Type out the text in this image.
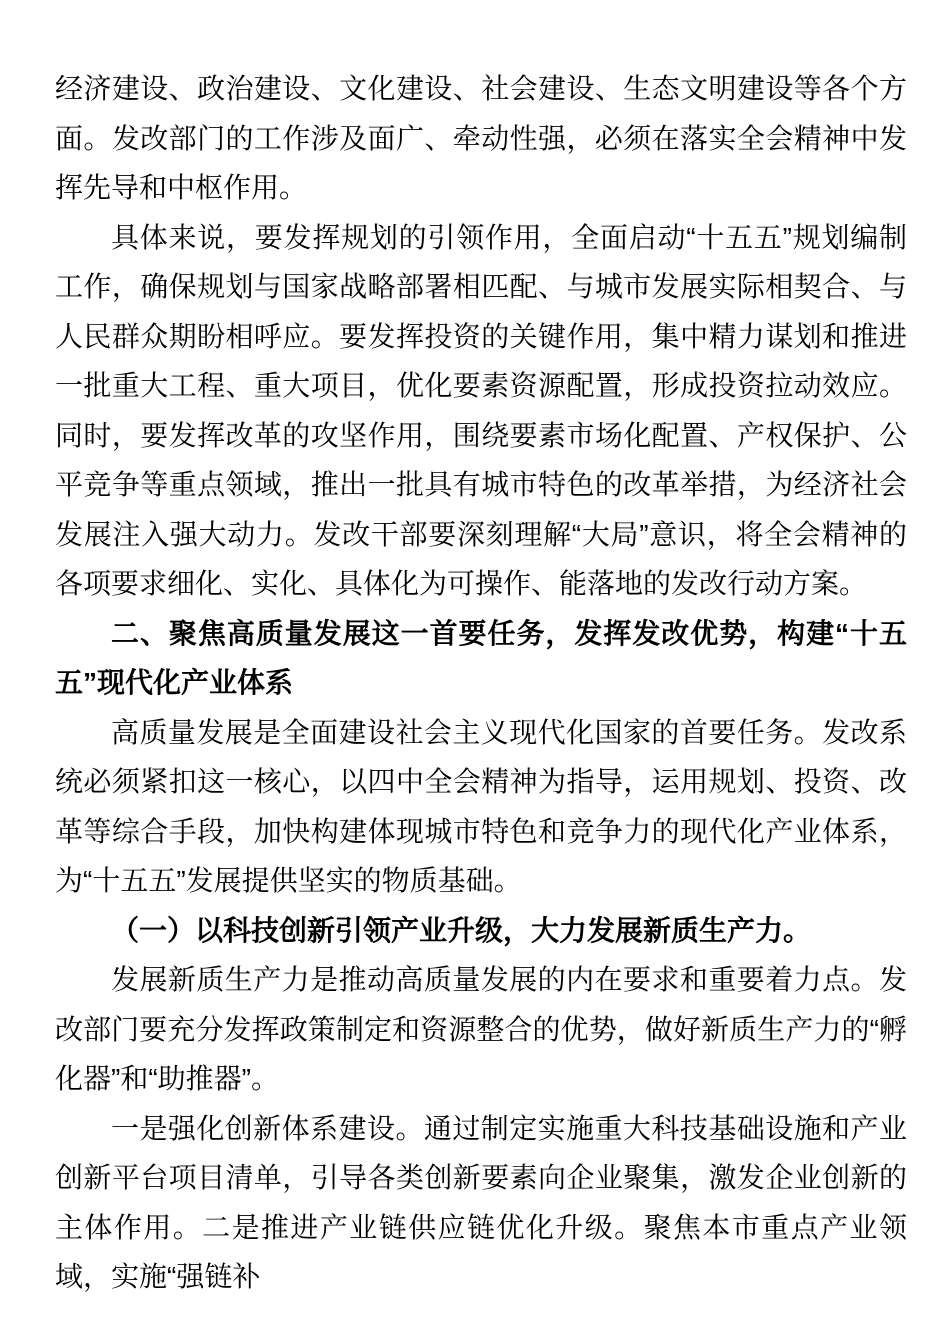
经济建设、政治建设、文化建设、社会建设、生态文明建设等各个方面。发改部门的工作涉及面广、牵动性强，必须在落实全会精神中发挥先导和中枢作用。

具体来说，要发挥规划的引领作用，全面启动“十五五”规划编制工作，确保规划与国家战略部署相匹配、与城市发展实际相契合、与人民群众期盼相呼应。要发挥投资的关键作用，集中精力谋划和推进一批重大工程、重大项目，优化要素资源配置，形成投资拉动效应。同时，要发挥改革的攻坚作用，围绕要素市场化配置、产权保护、公平竞争等重点领域，推出一批具有城市特色的改革举措，为经济社会发展注入强大动力。发改干部要深刻理解“大局”意识，将全会精神的各项要求细化、实化、具体化为可操作、能落地的发改行动方案。

二、聚焦高质量发展这一首要任务，发挥发改优势，构建“十五五”现代化产业体系

高质量发展是全面建设社会主义现代化国家的首要任务。发改系统必须紧扣这一核心，以四中全会精神为指导，运用规划、投资、改革等综合手段，加快构建体现城市特色和竞争力的现代化产业体系，为“十五五”发展提供坚实的物质基础。

（一）以科技创新引领产业升级，大力发展新质生产力。

发展新质生产力是推动高质量发展的内在要求和重要着力点。发改部门要充分发挥政策制定和资源整合的优势，做好新质生产力的“孵化器”和“助推器”。

一是强化创新体系建设。通过制定实施重大科技基础设施和产业创新平台项目清单，引导各类创新要素向企业聚集，激发企业创新的主体作用。二是推进产业链供应链优化升级。聚焦本市重点产业领域，实施“强链补
